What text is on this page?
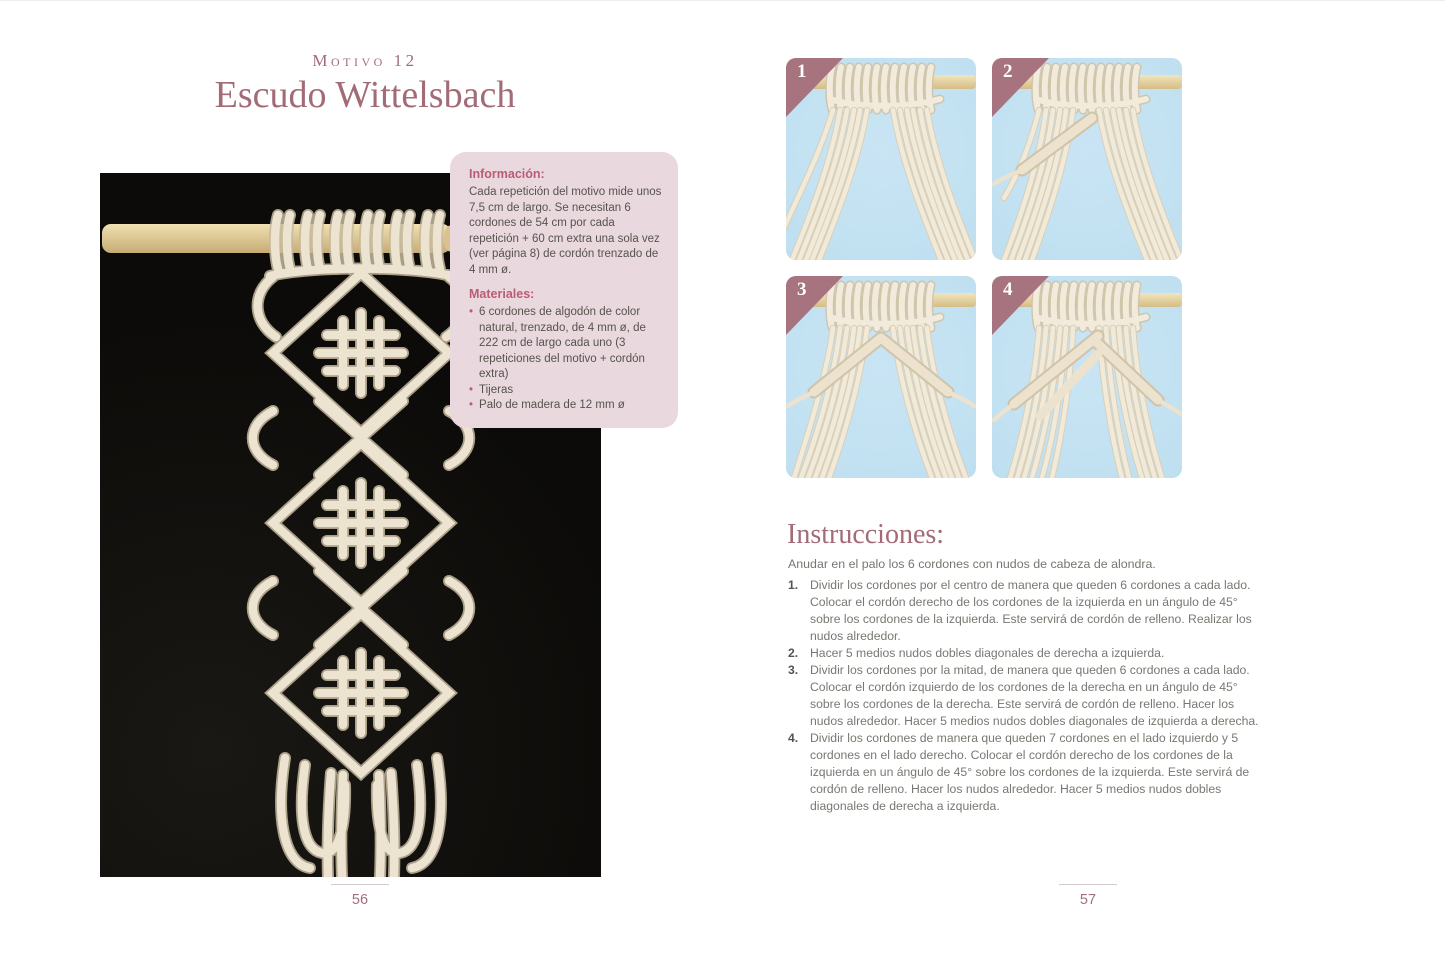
Motivo 12
Escudo Wittelsbach
Información:

Cada repetición del motivo mide unos 7,5 cm de largo. Se necesitan 6 cordones de 54 cm por cada repetición + 60 cm extra una sola vez (ver página 8) de cordón trenzado de 4 mm ø.

Materiales:
• 6 cordones de algodón de color natural, trenzado, de 4 mm ø, de 222 cm de largo cada uno (3 repeticiones del motivo + cordón extra)
• Tijeras
• Palo de madera de 12 mm ø
56
1	2
3	4
Instrucciones:

Anudar en el palo los 6 cordones con nudos de cabeza de alondra.

1. Dividir los cordones por el centro de manera que queden 6 cordones a cada lado. Colocar el cordón derecho de los cordones de la izquierda en un ángulo de 45° sobre los cordones de la izquierda. Este servirá de cordón de relleno. Realizar los nudos alrededor.
2. Hacer 5 medios nudos dobles diagonales de derecha a izquierda.
3. Dividir los cordones por la mitad, de manera que queden 6 cordones a cada lado. Colocar el cordón izquierdo de los cordones de la derecha en un ángulo de 45° sobre los cordones de la derecha. Este servirá de cordón de relleno. Hacer los nudos alrededor. Hacer 5 medios nudos dobles diagonales de izquierda a derecha.
4. Dividir los cordones de manera que queden 7 cordones en el lado izquierdo y 5 cordones en el lado derecho. Colocar el cordón derecho de los cordones de la izquierda en un ángulo de 45° sobre los cordones de la izquierda. Este servirá de cordón de relleno. Hacer los nudos alrededor. Hacer 5 medios nudos dobles diagonales de derecha a izquierda.
57
